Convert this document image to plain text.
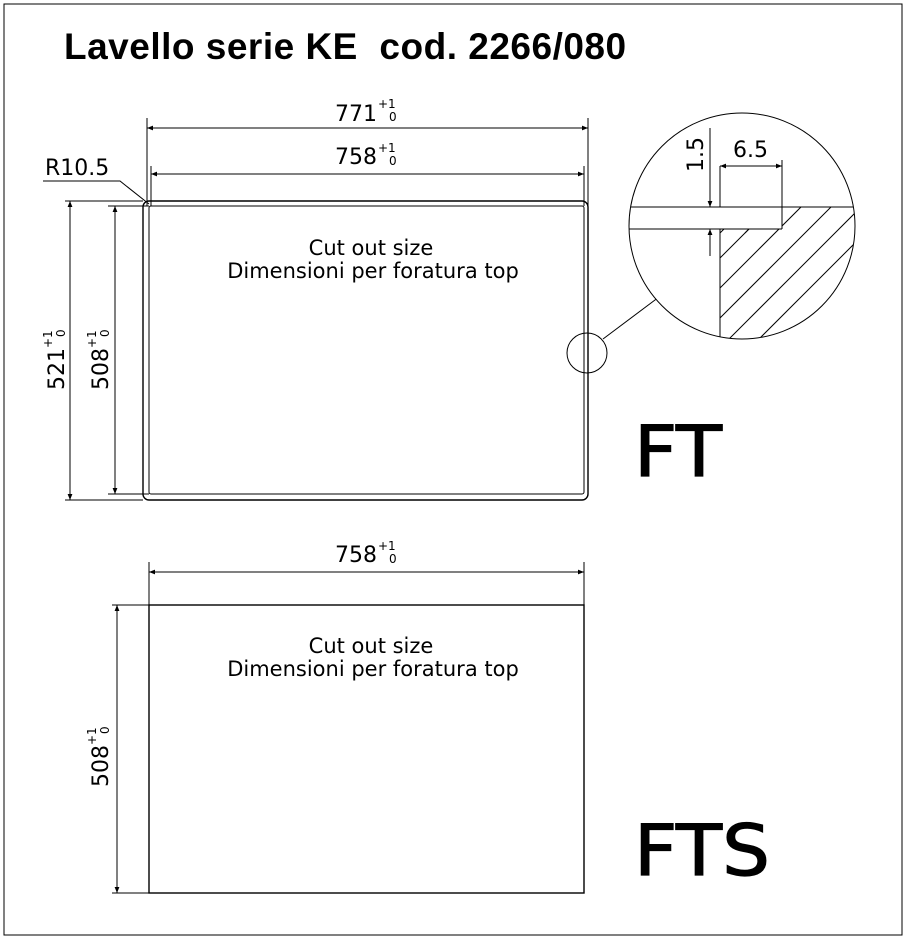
Lavello serie KE  cod. 2266/080
771 +1
0
758 +1
0
R10.5
521
+1 0
508
+1 0
Cut out size
Dimensioni per foratura top
6.5
1.5
FT
758 +1
0
508
+1 0
Cut out size
Dimensioni per foratura top
FTS
